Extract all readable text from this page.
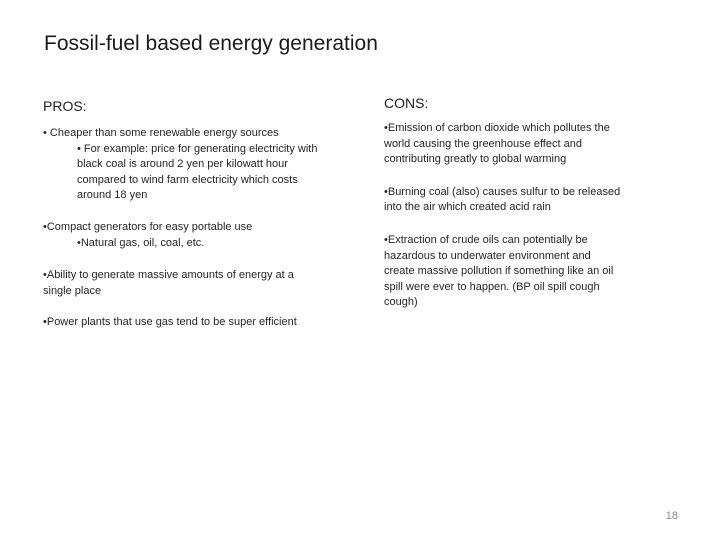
Fossil-fuel based energy generation
PROS:
• Cheaper than some renewable energy sources
• For example: price for generating electricity with black coal is around 2 yen per kilowatt hour compared to wind farm electricity which costs around 18 yen
•Compact generators for easy portable use
•Natural gas, oil, coal, etc.
•Ability to generate massive amounts of energy at a single place
•Power plants that use gas tend to be super efficient
CONS:
•Emission of carbon dioxide which pollutes the world causing the greenhouse effect and contributing greatly to global warming
•Burning coal (also) causes sulfur to be released into the air which created acid rain
•Extraction of crude oils can potentially be hazardous to underwater environment and create massive pollution if something like an oil spill were ever to happen. (BP oil spill cough cough)
18
